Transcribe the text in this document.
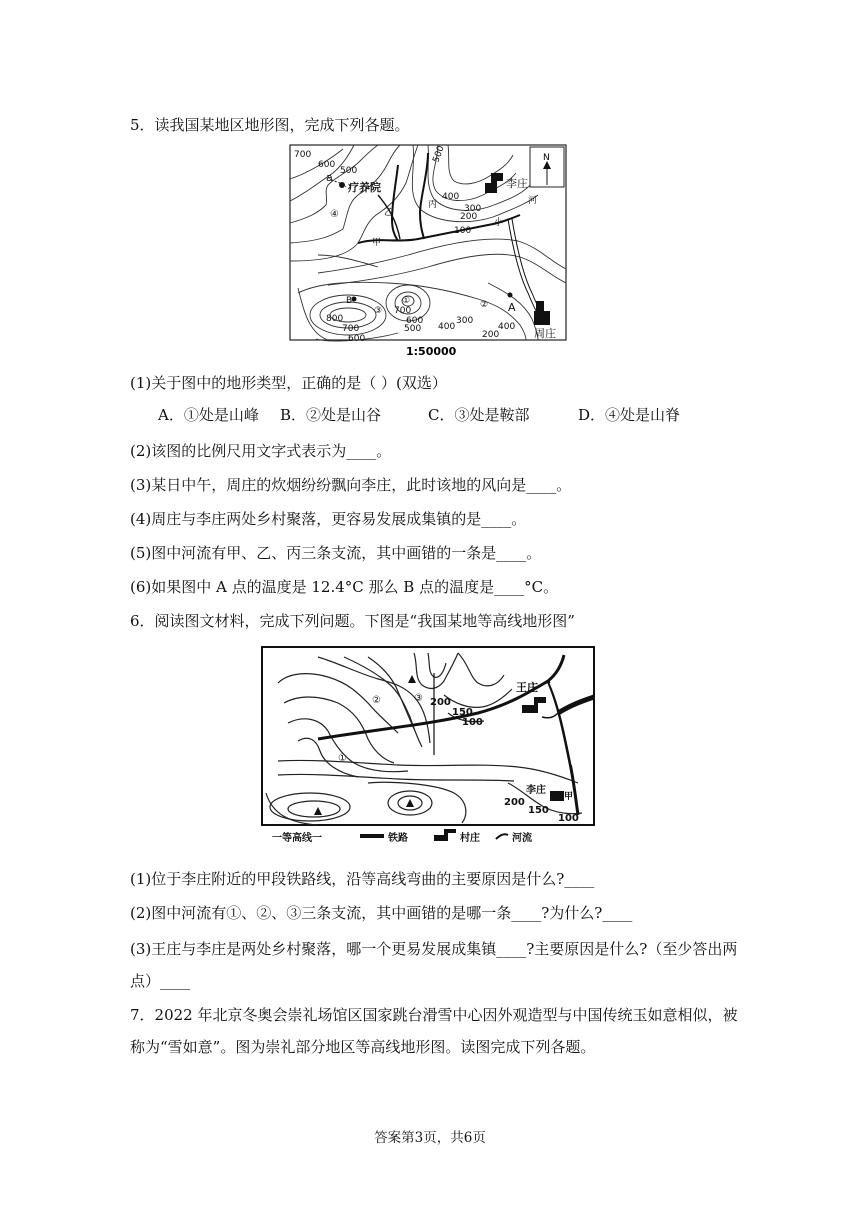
5．读我国某地区地形图，完成下列各题。
N
李庄
周庄
疗养院
甲
乙
丙
小
河
a
A
B	①	②
③
④
700
600
500
400
300
200
100
800
700
600
500 400
300
200
700
600
400
500
1:50000
(1)关于图中的地形类型，正确的是（ ）(双选）
A．①处是山峰 B．②处是山谷	C．③处是鞍部	D．④处是山脊
(2)该图的比例尺用文字式表示为____。
(3)某日中午，周庄的炊烟纷纷飘向李庄，此时该地的风向是____。
(4)周庄与李庄两处乡村聚落，更容易发展成集镇的是____。
(5)图中河流有甲、乙、丙三条支流，其中画错的一条是____。
(6)如果图中 A 点的温度是 12.4°C 那么 B 点的温度是____°C。
6．阅读图文材料，完成下列问题。下图是“我国某地等高线地形图”
王庄
李庄
甲
200
150
100
200
150
100
①
②	③
一等高线一	铁路	村庄	河流
(1)位于李庄附近的甲段铁路线，沿等高线弯曲的主要原因是什么?____
(2)图中河流有①、②、③三条支流，其中画错的是哪一条____?为什么?____
(3)王庄与李庄是两处乡村聚落，哪一个更易发展成集镇____?主要原因是什么?（至少答出两
点）____
7．2022 年北京冬奥会崇礼场馆区国家跳台滑雪中心因外观造型与中国传统玉如意相似，被
称为“雪如意”。图为崇礼部分地区等高线地形图。读图完成下列各题。
答案第3页，共6页
